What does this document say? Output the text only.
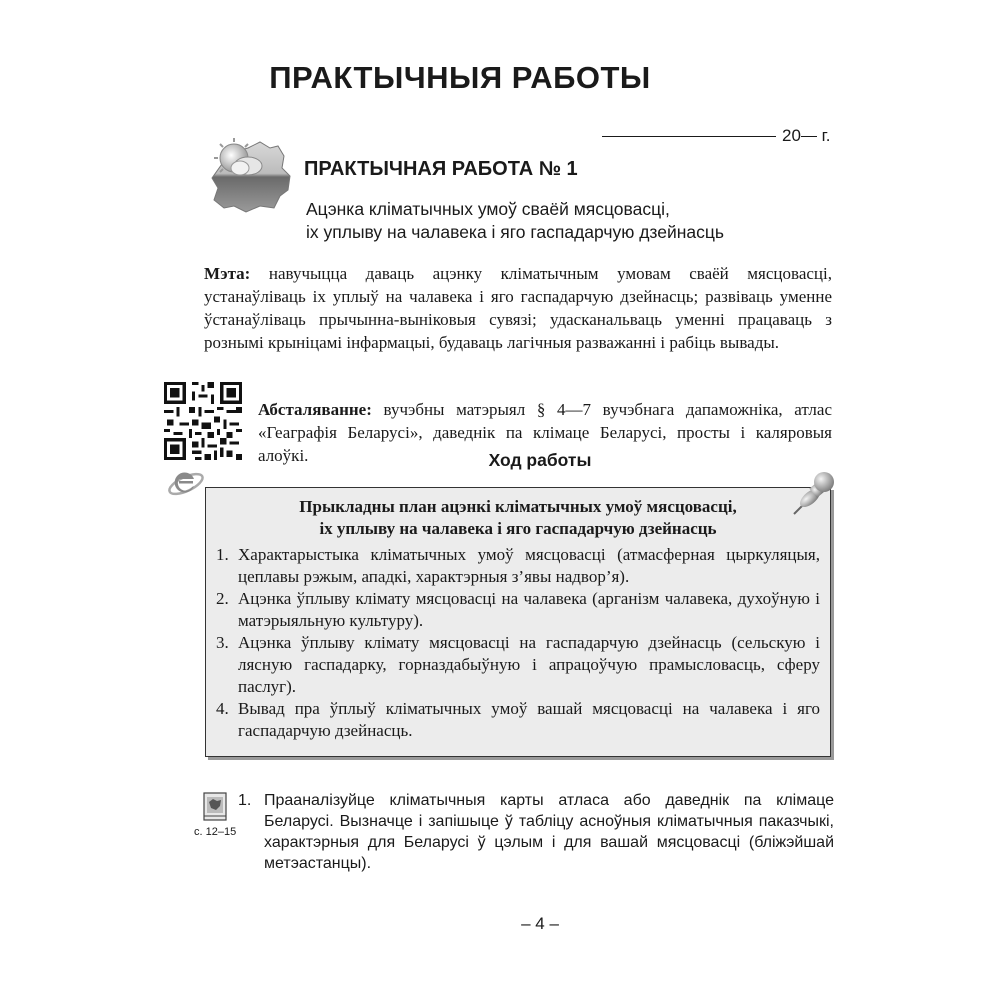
ПРАКТЫЧНЫЯ РАБОТЫ
20 г.
ПРАКТЫЧНАЯ РАБОТА № 1
Ацэнка кліматычных умоў сваёй мясцовасці,
іх уплыву на чалавека і яго гаспадарчую дзейнасць
Мэта: навучыцца даваць ацэнку кліматычным умовам сваёй мясцовасці, устанаўліваць іх уплыў на чалавека і яго гаспадарчую дзейнасць; развіваць уменне ўстанаўліваць прычынна-выніковыя сувязі; удасканальваць уменні працаваць з рознымі крыніцамі інфармацыі, будаваць лагічныя разважанні і рабіць вывады.
Абсталяванне: вучэбны матэрыял § 4—7 вучэбнага дапаможніка, атлас «Геаграфія Беларусі», даведнік па клімаце Беларусі, просты і каляровыя алоўкі.	Ход работы
Прыкладны план ацэнкі кліматычных умоў мясцовасці,
іх уплыву на чалавека і яго гаспадарчую дзейнасць
1. Характарыстыка кліматычных умоў мясцовасці (атмасферная цыркуляцыя, цеплавы рэжым, ападкі, характэрныя з’явы надвор’я).
2. Ацэнка ўплыву клімату мясцовасці на чалавека (арганізм чалавека, духоўную і матэрыяльную культуру).
3. Ацэнка ўплыву клімату мясцовасці на гаспадарчую дзейнасць (сельскую і лясную гаспадарку, горназдабыўную і апрацоўчую прамысловасць, сферу паслуг).
4. Вывад пра ўплыў кліматычных умоў вашай мясцовасці на чалавека і яго гаспадарчую дзейнасць.
с. 12–15
1. Прааналізуйце кліматычныя карты атласа або даведнік па клімаце Беларусі. Вызначце і запішыце ў табліцу асноўныя кліматычныя паказчыкі, характэрныя для Беларусі ў цэлым і для вашай мясцовасці (бліжэйшай метэастанцы).
– 4 –
